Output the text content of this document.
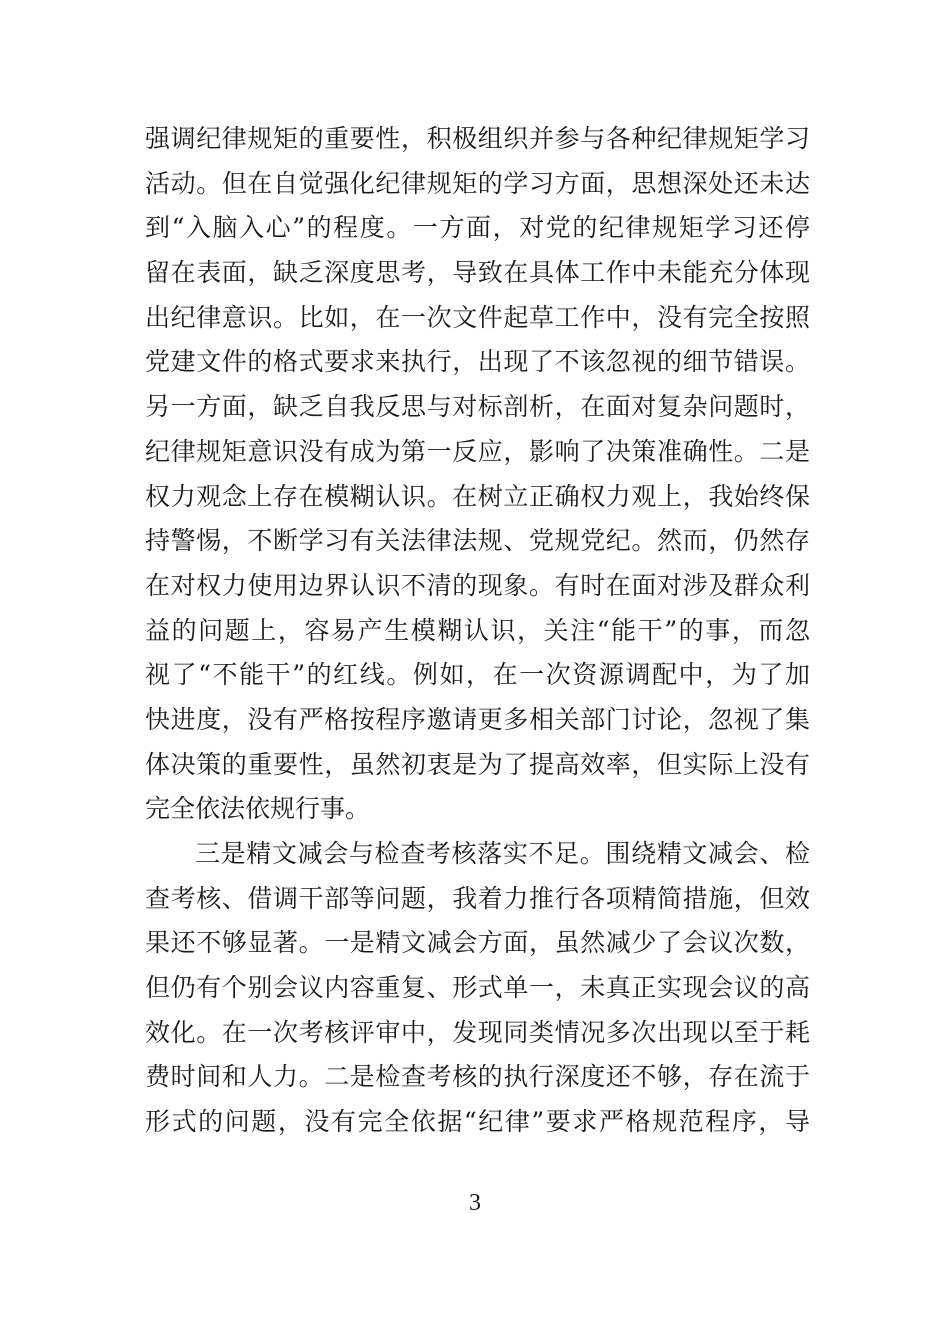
强调纪律规矩的重要性，积极组织并参与各种纪律规矩学习
活动。但在自觉强化纪律规矩的学习方面，思想深处还未达
到“入脑入心”的程度。一方面，对党的纪律规矩学习还停
留在表面，缺乏深度思考，导致在具体工作中未能充分体现
出纪律意识。比如，在一次文件起草工作中，没有完全按照
党建文件的格式要求来执行，出现了不该忽视的细节错误。
另一方面，缺乏自我反思与对标剖析，在面对复杂问题时，
纪律规矩意识没有成为第一反应，影响了决策准确性。二是
权力观念上存在模糊认识。在树立正确权力观上，我始终保
持警惕，不断学习有关法律法规、党规党纪。然而，仍然存
在对权力使用边界认识不清的现象。有时在面对涉及群众利
益的问题上，容易产生模糊认识，关注“能干”的事，而忽
视了“不能干”的红线。例如，在一次资源调配中，为了加
快进度，没有严格按程序邀请更多相关部门讨论，忽视了集
体决策的重要性，虽然初衷是为了提高效率，但实际上没有
完全依法依规行事。
三是精文减会与检查考核落实不足。围绕精文减会、检
查考核、借调干部等问题，我着力推行各项精简措施，但效
果还不够显著。一是精文减会方面，虽然减少了会议次数，
但仍有个别会议内容重复、形式单一，未真正实现会议的高
效化。在一次考核评审中，发现同类情况多次出现以至于耗
费时间和人力。二是检查考核的执行深度还不够，存在流于
形式的问题，没有完全依据“纪律”要求严格规范程序，导
3
